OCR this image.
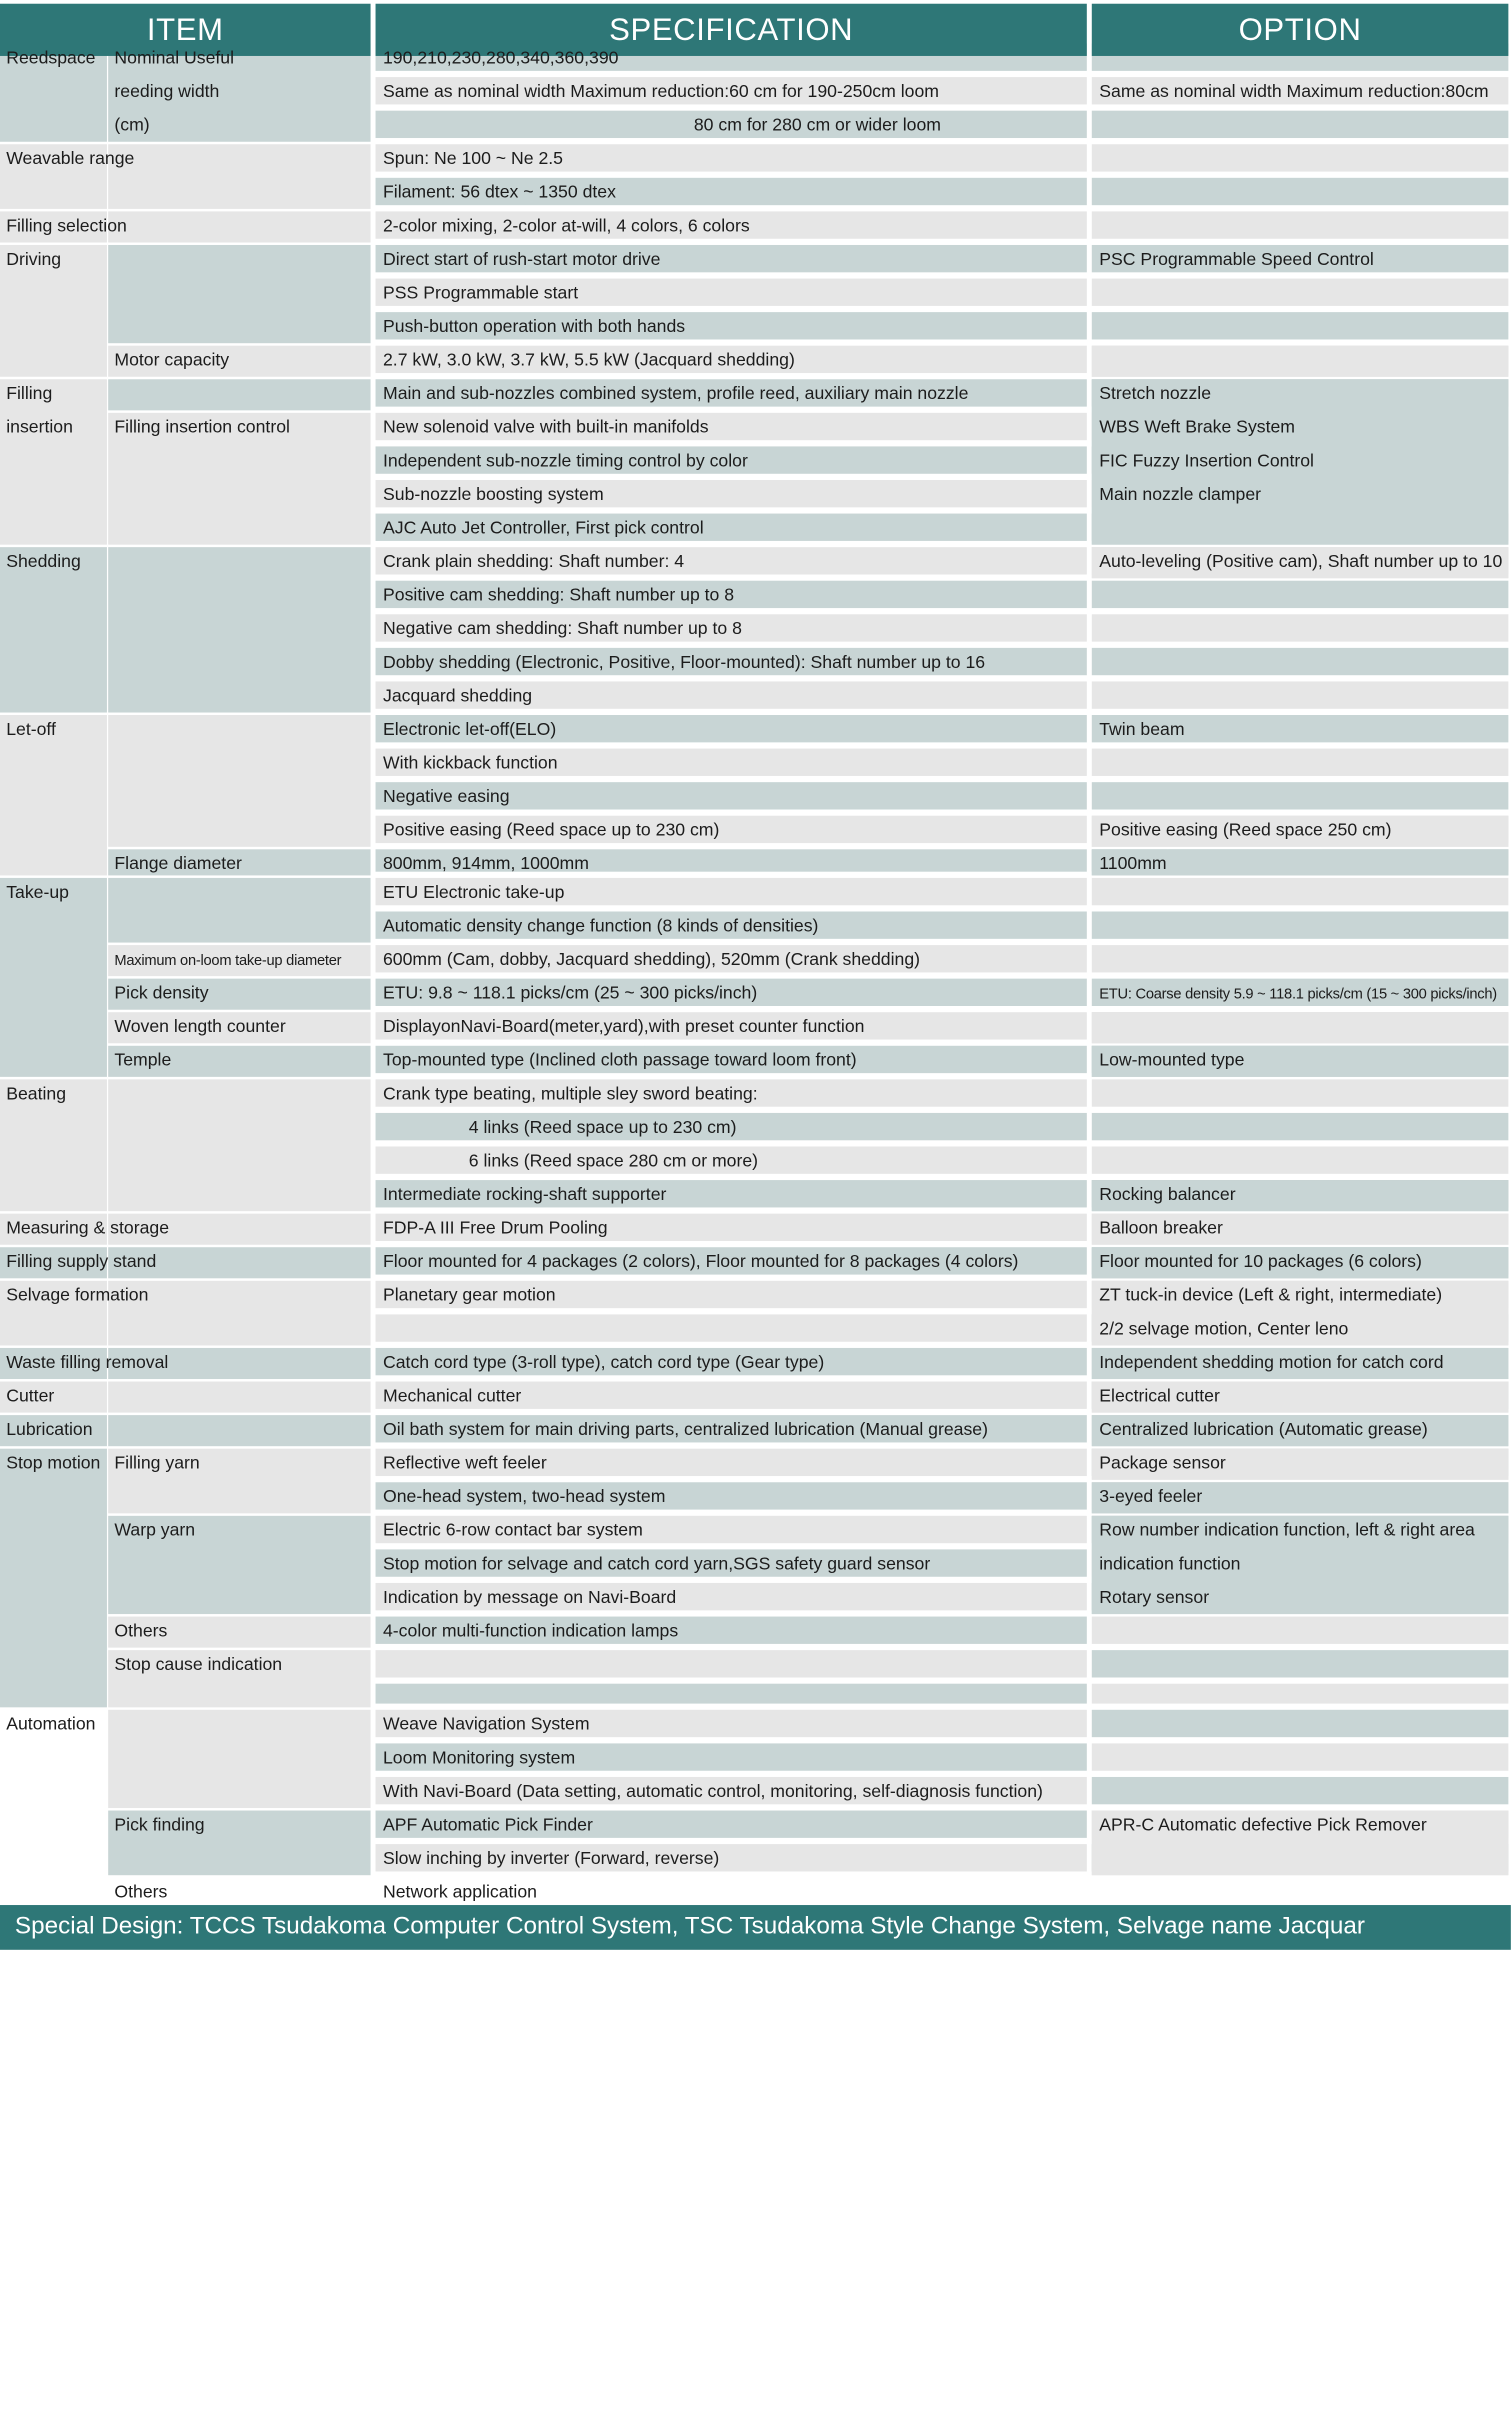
ITEM	SPECIFICATION	OPTION
Reedspace
Weavable range
Filling selection
Driving
Filling
insertion
Shedding
Let-off
Take-up
Beating
Measuring & storage
Filling supply stand
Selvage formation
Waste filling removal
Cutter
Lubrication
Stop motion
Automation
Nominal Useful
reeding width
(cm)
Motor capacity
Filling insertion control
Flange diameter
Pick density
Woven length counter
Temple
Filling yarn
Warp yarn
Others
Stop cause indication
Pick finding
Others
Maximum on-loom take-up diameter
190,210,230,280,340,360,390
Same as nominal width Maximum reduction:60 cm for 190-250cm loom
80 cm for 280 cm or wider loom
Spun: Ne 100 ~ Ne 2.5
Filament: 56 dtex ~ 1350 dtex
2-color mixing, 2-color at-will, 4 colors, 6 colors
Direct start of rush-start motor drive
PSS Programmable start
Push-button operation with both hands
2.7 kW, 3.0 kW, 3.7 kW, 5.5 kW (Jacquard shedding)
Main and sub-nozzles combined system, profile reed, auxiliary main nozzle
New solenoid valve with built-in manifolds
Independent sub-nozzle timing control by color
Sub-nozzle boosting system
AJC Auto Jet Controller, First pick control
Crank plain shedding: Shaft number: 4
Positive cam shedding: Shaft number up to 8
Negative cam shedding: Shaft number up to 8
Dobby shedding (Electronic, Positive, Floor-mounted): Shaft number up to 16
Jacquard shedding
Electronic let-off(ELO)
With kickback function
Negative easing
Positive easing (Reed space up to 230 cm)
800mm, 914mm, 1000mm
ETU Electronic take-up
Automatic density change function (8 kinds of densities)
600mm (Cam, dobby, Jacquard shedding), 520mm (Crank shedding)
ETU: 9.8 ~ 118.1 picks/cm (25 ~ 300 picks/inch)
DisplayonNavi-Board(meter,yard),with preset counter function
Top-mounted type (Inclined cloth passage toward loom front)
Crank type beating, multiple sley sword beating:
4 links (Reed space up to 230 cm)
6 links (Reed space 280 cm or more)
Intermediate rocking-shaft supporter
FDP-A III Free Drum Pooling
Floor mounted for 4 packages (2 colors), Floor mounted for 8 packages (4 colors)
Planetary gear motion
Catch cord type (3-roll type), catch cord type (Gear type)
Mechanical cutter
Oil bath system for main driving parts, centralized lubrication (Manual grease)
Reflective weft feeler
One-head system, two-head system
Electric 6-row contact bar system
Stop motion for selvage and catch cord yarn,SGS safety guard sensor
Indication by message on Navi-Board
4-color multi-function indication lamps
Weave Navigation System
Loom Monitoring system
With Navi-Board (Data setting, automatic control, monitoring, self-diagnosis function)
APF Automatic Pick Finder
Slow inching by inverter (Forward, reverse)
Network application
Same as nominal width Maximum reduction:80cm
PSC Programmable Speed Control
Stretch nozzle
WBS Weft Brake System
FIC Fuzzy Insertion Control
Main nozzle clamper
Auto-leveling (Positive cam), Shaft number up to 10
Twin beam
Positive easing (Reed space 250 cm)
1100mm
ETU: Coarse density 5.9 ~ 118.1 picks/cm (15 ~ 300 picks/inch)
Low-mounted type
Rocking balancer
Balloon breaker
Floor mounted for 10 packages (6 colors)
ZT tuck-in device (Left & right, intermediate)
2/2 selvage motion, Center leno
Independent shedding motion for catch cord
Electrical cutter
Centralized lubrication (Automatic grease)
Package sensor
3-eyed feeler
Row number indication function, left & right area
indication function
Rotary sensor
APR-C Automatic defective Pick Remover
Special Design: TCCS Tsudakoma Computer Control System, TSC Tsudakoma Style Change System, Selvage name Jacquar
